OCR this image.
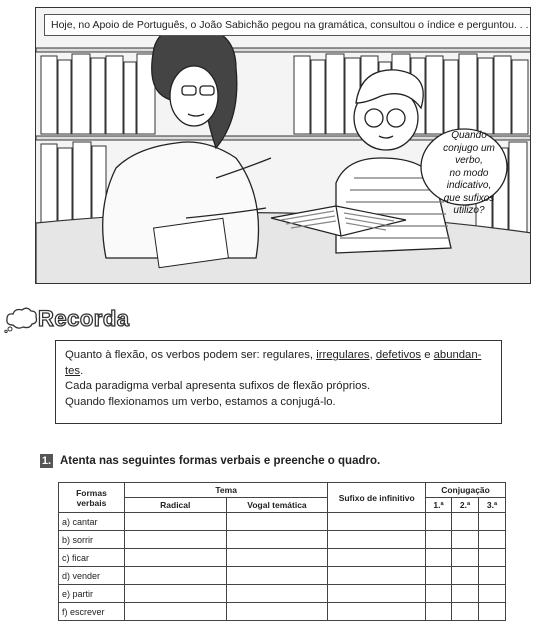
Hoje, no Apoio de Português, o João Sabichão pegou na gramática, consultou o índice e perguntou. . .
Quando
conjugo um verbo,
no modo indicativo,
que sufixos
utilizo?
Recorda

Quanto à flexão, os verbos podem ser: regulares, irregulares, defetivos e abundan-

tes.

Cada paradigma verbal apresenta sufixos de flexão próprios.

Quando flexionamos um verbo, estamos a conjugá-lo.

1. Atenta nas seguintes formas verbais e preenche o quadro.
Formas verbais	Tema		Sufixo de infinitivo	Conjugação		
	Radical	Vogal temática		1.ª	2.ª	3.ª
a) cantar						
b) sorrir						
c) ficar						
d) vender						
e) partir						
f) escrever						
